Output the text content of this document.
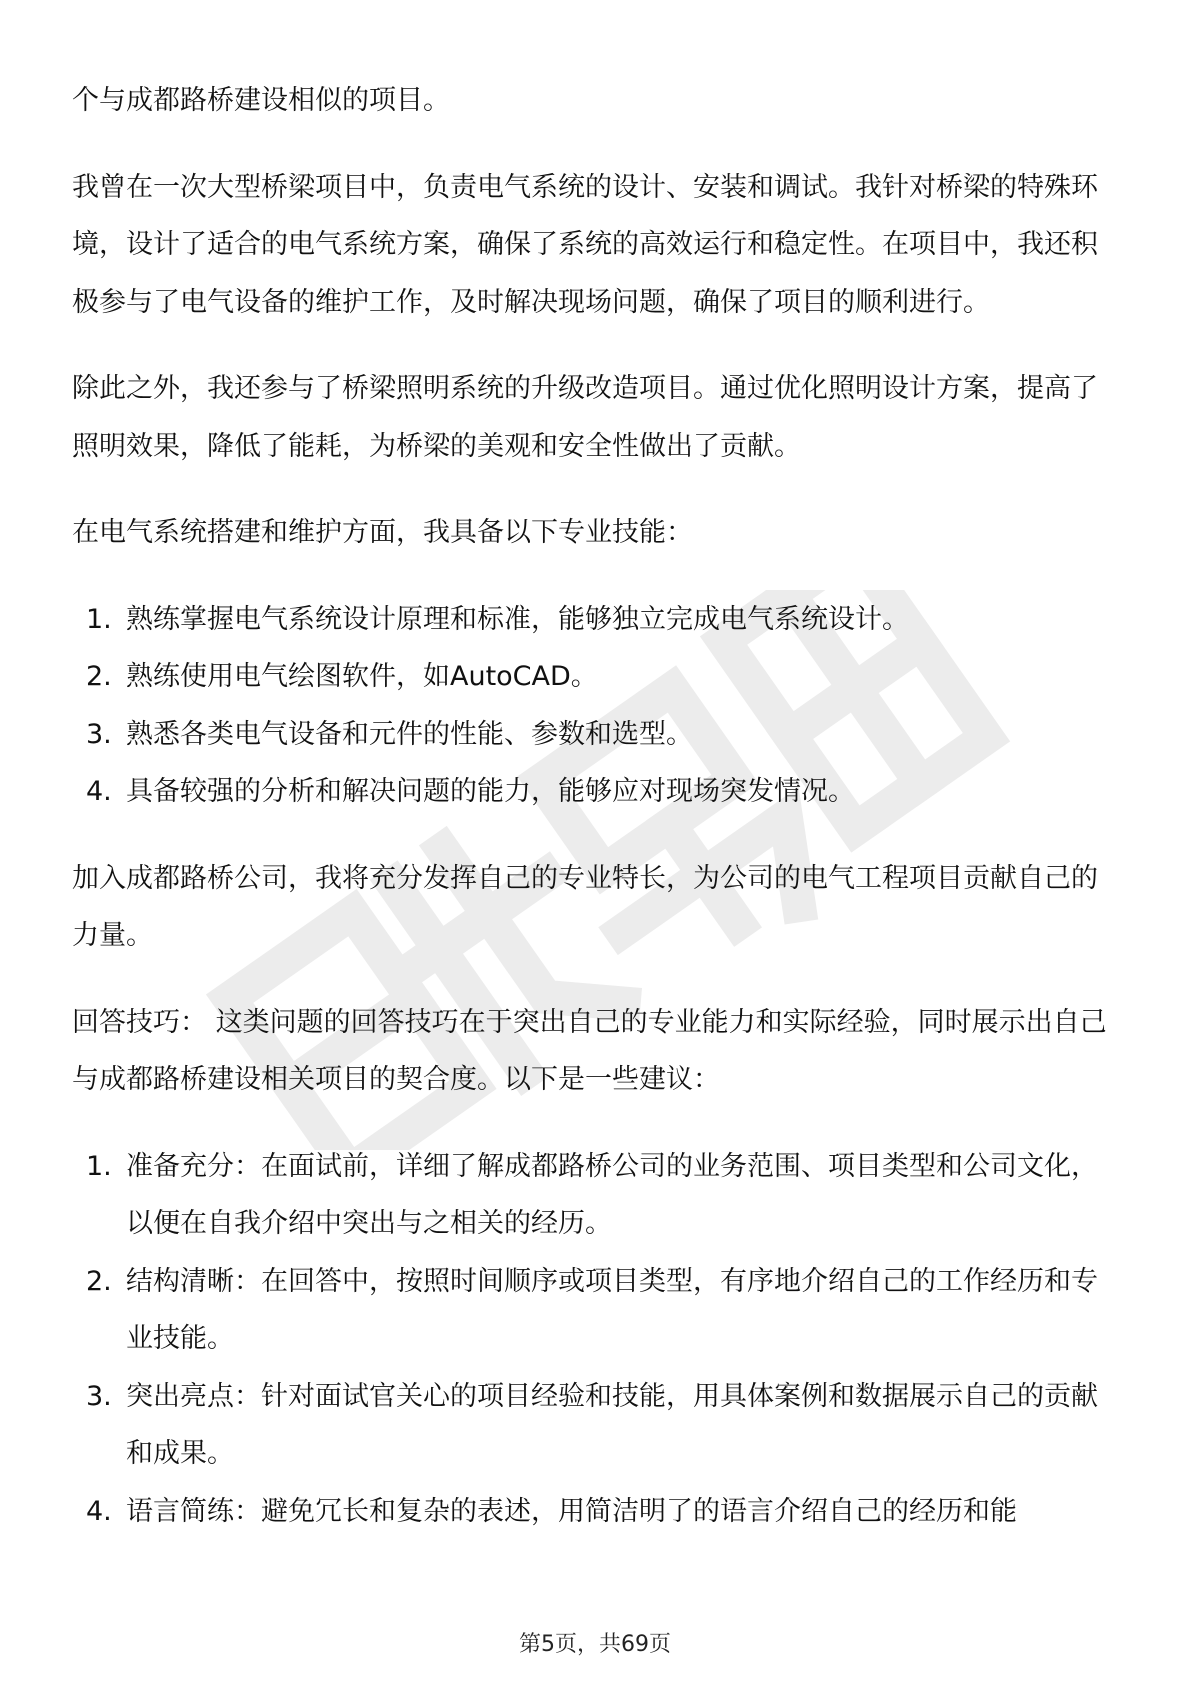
个与成都路桥建设相似的项目。

我曾在一次大型桥梁项目中，负责电气系统的设计、安装和调试。我针对桥梁的特殊环境，设计了适合的电气系统方案，确保了系统的高效运行和稳定性。在项目中，我还积极参与了电气设备的维护工作，及时解决现场问题，确保了项目的顺利进行。

除此之外，我还参与了桥梁照明系统的升级改造项目。通过优化照明设计方案，提高了照明效果，降低了能耗，为桥梁的美观和安全性做出了贡献。

在电气系统搭建和维护方面，我具备以下专业技能：

1. 熟练掌握电气系统设计原理和标准，能够独立完成电气系统设计。
2. 熟练使用电气绘图软件，如AutoCAD。
3. 熟悉各类电气设备和元件的性能、参数和选型。
4. 具备较强的分析和解决问题的能力，能够应对现场突发情况。

加入成都路桥公司，我将充分发挥自己的专业特长，为公司的电气工程项目贡献自己的力量。

回答技巧： 这类问题的回答技巧在于突出自己的专业能力和实际经验，同时展示出自己与成都路桥建设相关项目的契合度。以下是一些建议：

1. 准备充分：在面试前，详细了解成都路桥公司的业务范围、项目类型和公司文化，以便在自我介绍中突出与之相关的经历。
2. 结构清晰：在回答中，按照时间顺序或项目类型，有序地介绍自己的工作经历和专业技能。
3. 突出亮点：针对面试官关心的项目经验和技能，用具体案例和数据展示自己的贡献和成果。
4. 语言简练：避免冗长和复杂的表述，用简洁明了的语言介绍自己的经历和能
第5页，共69页
